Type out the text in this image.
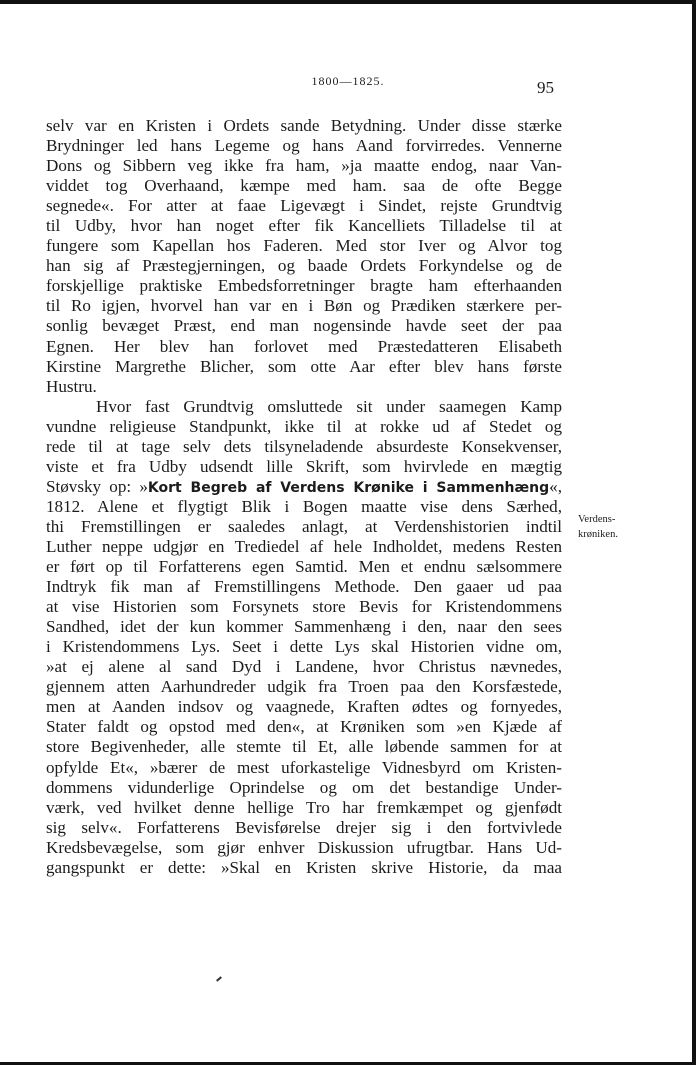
1800—1825.	95
selv var en Kristen i Ordets sande Betydning. Under disse stærke
Brydninger led hans Legeme og hans Aand forvirredes. Vennerne
Dons og Sibbern veg ikke fra ham, »ja maatte endog, naar Van-
viddet tog Overhaand, kæmpe med ham. saa de ofte Begge
segnede«. For atter at faae Ligevægt i Sindet, rejste Grundtvig
til Udby, hvor han noget efter fik Kancelliets Tilladelse til at
fungere som Kapellan hos Faderen. Med stor Iver og Alvor tog
han sig af Præstegjerningen, og baade Ordets Forkyndelse og de
forskjellige praktiske Embedsforretninger bragte ham efterhaanden
til Ro igjen, hvorvel han var en i Bøn og Prædiken stærkere per-
sonlig bevæget Præst, end man nogensinde havde seet der paa
Egnen. Her blev han forlovet med Præstedatteren Elisabeth
Kirstine Margrethe Blicher, som otte Aar efter blev hans første
Hustru.
Hvor fast Grundtvig omsluttede sit under saamegen Kamp
vundne religieuse Standpunkt, ikke til at rokke ud af Stedet og
rede til at tage selv dets tilsyneladende absurdeste Konsekvenser,
viste et fra Udby udsendt lille Skrift, som hvirvlede en mægtig
Støvsky op: »Kort Begreb af Verdens Krønike i Sammenhæng«,
1812. Alene et flygtigt Blik i Bogen maatte vise dens Særhed,
thi Fremstillingen er saaledes anlagt, at Verdenshistorien indtil
Luther neppe udgjør en Trediedel af hele Indholdet, medens Resten
er ført op til Forfatterens egen Samtid. Men et endnu sælsommere
Indtryk fik man af Fremstillingens Methode. Den gaaer ud paa
at vise Historien som Forsynets store Bevis for Kristendommens
Sandhed, idet der kun kommer Sammenhæng i den, naar den sees
i Kristendommens Lys. Seet i dette Lys skal Historien vidne om,
»at ej alene al sand Dyd i Landene, hvor Christus nævnedes,
gjennem atten Aarhundreder udgik fra Troen paa den Korsfæstede,
men at Aanden indsov og vaagnede, Kraften ødtes og fornyedes,
Stater faldt og opstod med den«, at Krøniken som »en Kjæde af
store Begivenheder, alle stemte til Et, alle løbende sammen for at
opfylde Et«, »bærer de mest uforkastelige Vidnesbyrd om Kristen-
dommens vidunderlige Oprindelse og om det bestandige Under-
værk, ved hvilket denne hellige Tro har fremkæmpet og gjenfødt
sig selv«. Forfatterens Bevisførelse drejer sig i den fortvivlede
Kredsbevægelse, som gjør enhver Diskussion ufrugtbar. Hans Ud-
gangspunkt er dette: »Skal en Kristen skrive Historie, da maa
Verdens-
krøniken.
